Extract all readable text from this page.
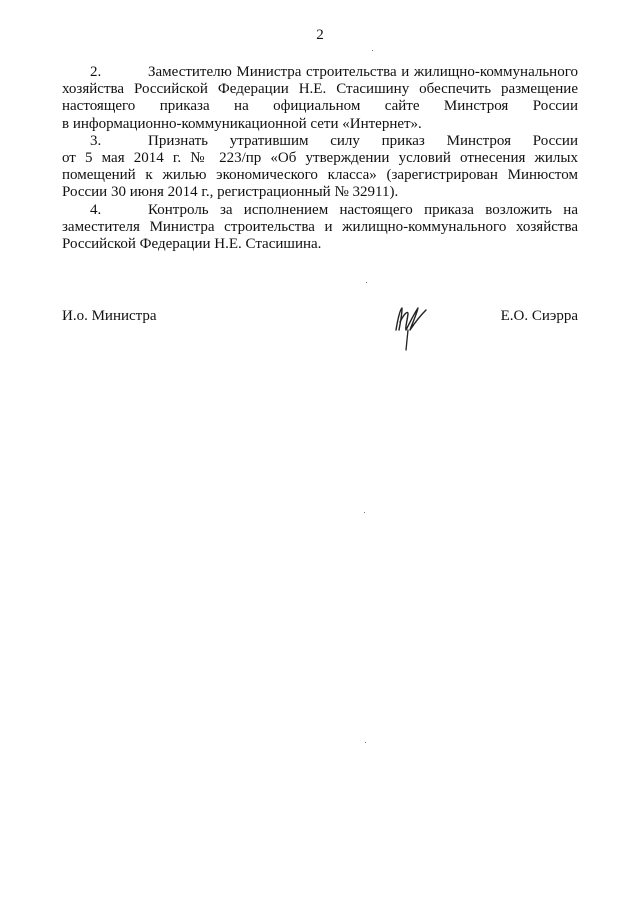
2
2.	Заместителю Министра строительства и жилищно-коммунального
хозяйства Российской Федерации Н.Е. Стасишину обеспечить размещение
настоящего приказа на официальном сайте Минстроя России
в информационно-коммуникационной сети «Интернет».
3.	Признать утратившим силу приказ Минстроя России
от 5 мая 2014 г. № 223/пр «Об утверждении условий отнесения жилых
помещений к жилью экономического класса» (зарегистрирован Минюстом
России 30 июня 2014 г., регистрационный № 32911).
4.	Контроль за исполнением настоящего приказа возложить на
заместителя Министра строительства и жилищно-коммунального хозяйства
Российской Федерации Н.Е. Стасишина.
И.о. Министра	Е.О. Сиэрра
